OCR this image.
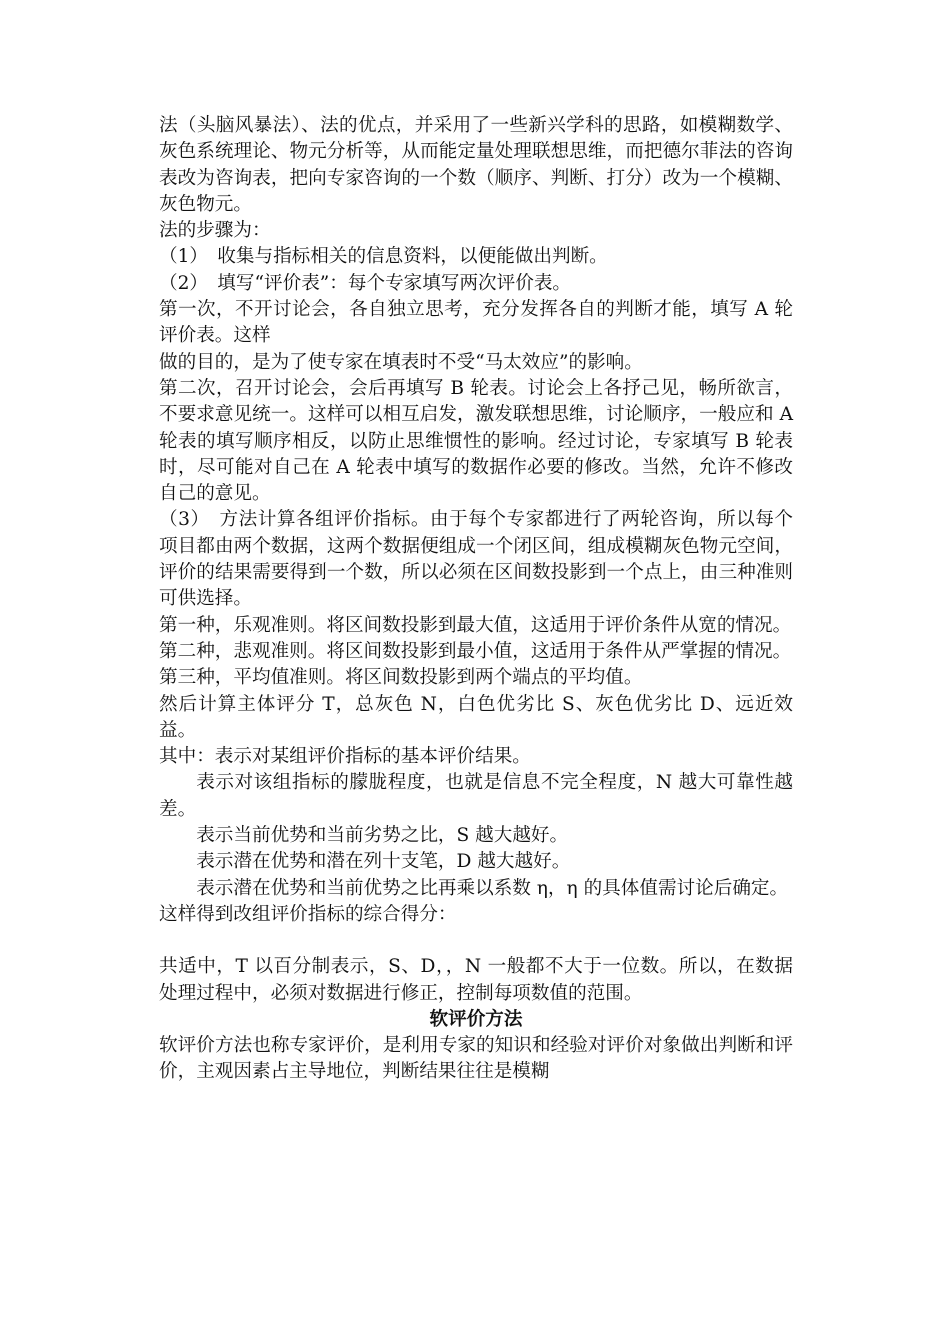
法（头脑风暴法）、法的优点，并采用了一些新兴学科的思路，如模糊数学、灰色系统理论、物元分析等，从而能定量处理联想思维，而把德尔菲法的咨询表改为咨询表，把向专家咨询的一个数（顺序、判断、打分）改为一个模糊、灰色物元。

法的步骤为：

（1）　收集与指标相关的信息资料，以便能做出判断。

（2）　填写“评价表”：每个专家填写两次评价表。

第一次，不开讨论会，各自独立思考，充分发挥各自的判断才能，填写 A 轮评价表。这样

做的目的，是为了使专家在填表时不受“马太效应”的影响。

第二次，召开讨论会，会后再填写 B 轮表。讨论会上各抒己见，畅所欲言，不要求意见统一。这样可以相互启发，激发联想思维，讨论顺序，一般应和 A 轮表的填写顺序相反，以防止思维惯性的影响。经过讨论，专家填写 B 轮表时，尽可能对自己在 A 轮表中填写的数据作必要的修改。当然，允许不修改自己的意见。

（3）　方法计算各组评价指标。由于每个专家都进行了两轮咨询，所以每个项目都由两个数据，这两个数据便组成一个闭区间，组成模糊灰色物元空间，评价的结果需要得到一个数，所以必须在区间数投影到一个点上，由三种准则可供选择。

第一种，乐观准则。将区间数投影到最大值，这适用于评价条件从宽的情况。

第二种，悲观准则。将区间数投影到最小值，这适用于条件从严掌握的情况。

第三种，平均值准则。将区间数投影到两个端点的平均值。

然后计算主体评分 T，总灰色 N，白色优劣比 S、灰色优劣比 D、远近效益。

其中：表示对某组评价指标的基本评价结果。

表示对该组指标的朦胧程度，也就是信息不完全程度，N 越大可靠性越差。

表示当前优势和当前劣势之比，S 越大越好。

表示潜在优势和潜在列十支笔，D 越大越好。

表示潜在优势和当前优势之比再乘以系数 η，η 的具体值需讨论后确定。

这样得到改组评价指标的综合得分：

共适中，T 以百分制表示，S、D，，N 一般都不大于一位数。所以，在数据处理过程中，必须对数据进行修正，控制每项数值的范围。

软评价方法

软评价方法也称专家评价，是利用专家的知识和经验对评价对象做出判断和评价，主观因素占主导地位，判断结果往往是模糊
